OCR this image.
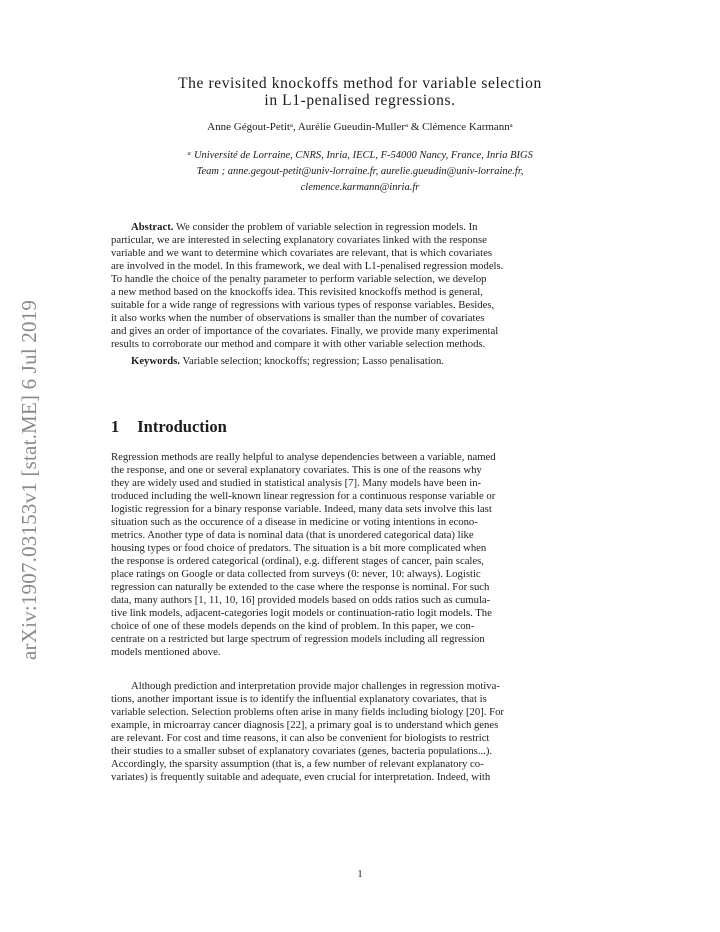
arXiv:1907.03153v1 [stat.ME] 6 Jul 2019
The revisited knockoffs method for variable selection
in L1-penalised regressions.
Anne Gégout-Petitᵃ, Aurélie Gueudin-Mullerᵃ & Clémence Karmannᵃ
ᵃ Université de Lorraine, CNRS, Inria, IECL, F-54000 Nancy, France, Inria BIGS
Team ; anne.gegout-petit@univ-lorraine.fr, aurelie.gueudin@univ-lorraine.fr,
clemence.karmann@inria.fr
Abstract. We consider the problem of variable selection in regression models. In
particular, we are interested in selecting explanatory covariates linked with the response
variable and we want to determine which covariates are relevant, that is which covariates
are involved in the model. In this framework, we deal with L1-penalised regression models.
To handle the choice of the penalty parameter to perform variable selection, we develop
a new method based on the knockoffs idea. This revisited knockoffs method is general,
suitable for a wide range of regressions with various types of response variables. Besides,
it also works when the number of observations is smaller than the number of covariates
and gives an order of importance of the covariates. Finally, we provide many experimental
results to corroborate our method and compare it with other variable selection methods.
Keywords. Variable selection; knockoffs; regression; Lasso penalisation.
1 Introduction
Regression methods are really helpful to analyse dependencies between a variable, named
the response, and one or several explanatory covariates. This is one of the reasons why
they are widely used and studied in statistical analysis [7]. Many models have been in-
troduced including the well-known linear regression for a continuous response variable or
logistic regression for a binary response variable. Indeed, many data sets involve this last
situation such as the occurence of a disease in medicine or voting intentions in econo-
metrics. Another type of data is nominal data (that is unordered categorical data) like
housing types or food choice of predators. The situation is a bit more complicated when
the response is ordered categorical (ordinal), e.g. different stages of cancer, pain scales,
place ratings on Google or data collected from surveys (0: never, 10: always). Logistic
regression can naturally be extended to the case where the response is nominal. For such
data, many authors [1, 11, 10, 16] provided models based on odds ratios such as cumula-
tive link models, adjacent-categories logit models or continuation-ratio logit models. The
choice of one of these models depends on the kind of problem. In this paper, we con-
centrate on a restricted but large spectrum of regression models including all regression
models mentioned above.
Although prediction and interpretation provide major challenges in regression motiva-
tions, another important issue is to identify the influential explanatory covariates, that is
variable selection. Selection problems often arise in many fields including biology [20]. For
example, in microarray cancer diagnosis [22], a primary goal is to understand which genes
are relevant. For cost and time reasons, it can also be convenient for biologists to restrict
their studies to a smaller subset of explanatory covariates (genes, bacteria populations...).
Accordingly, the sparsity assumption (that is, a few number of relevant explanatory co-
variates) is frequently suitable and adequate, even crucial for interpretation. Indeed, with
1
